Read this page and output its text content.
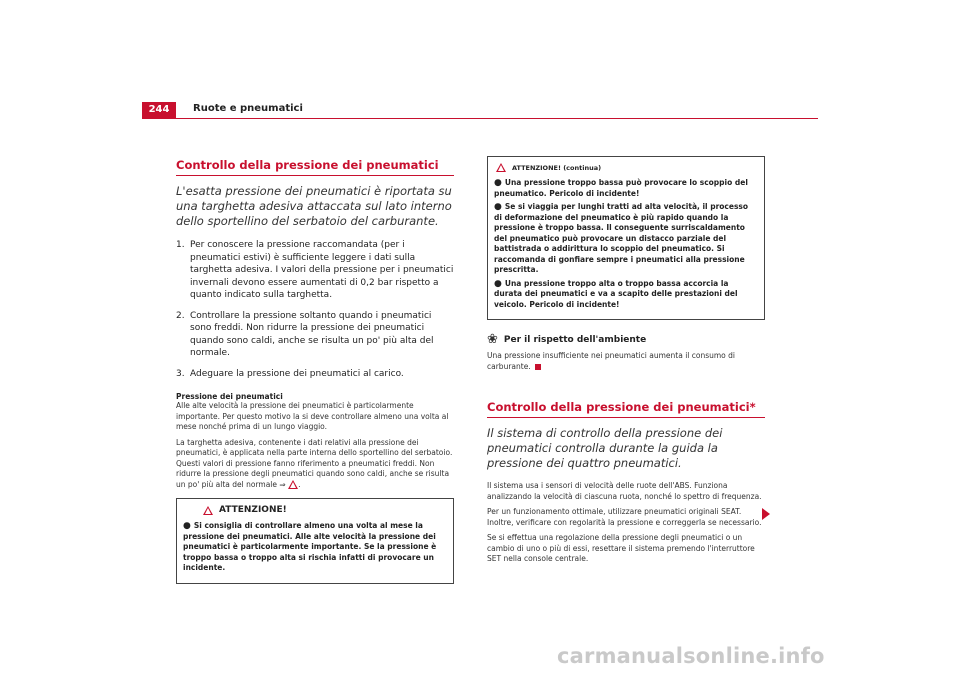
244	Ruote e pneumatici
Controllo della pressione dei pneumatici
L'esatta pressione dei pneumatici è riportata su una targhetta adesiva attaccata sul lato interno dello sportellino del serbatoio del carburante.
1. Per conoscere la pressione raccomandata (per i pneumatici estivi) è sufficiente leggere i dati sulla targhetta adesiva. I valori della pressione per i pneumatici invernali devono essere aumentati di 0,2 bar rispetto a quanto indicato sulla targhetta.
2. Controllare la pressione soltanto quando i pneumatici sono freddi. Non ridurre la pressione dei pneumatici quando sono caldi, anche se risulta un po' più alta del normale.
3. Adeguare la pressione dei pneumatici al carico.
Pressione dei pneumatici

Alle alte velocità la pressione dei pneumatici è particolarmente importante. Per questo motivo la si deve controllare almeno una volta al mese nonché prima di un lungo viaggio.

La targhetta adesiva, contenente i dati relativi alla pressione dei pneumatici, è applicata nella parte interna dello sportellino del serbatoio. Questi valori di pressione fanno riferimento a pneumatici freddi. Non ridurre la pressione degli pneumatici quando sono caldi, anche se risulta un po' più alta del normale ⇒ .

ATTENZIONE!
● Si consiglia di controllare almeno una volta al mese la pressione dei pneumatici. Alle alte velocità la pressione dei pneumatici è particolarmente importante. Se la pressione è troppo bassa o troppo alta si rischia infatti di provocare un incidente.
ATTENZIONE! (continua)
● Una pressione troppo bassa può provocare lo scoppio del pneumatico. Pericolo di incidente!
● Se si viaggia per lunghi tratti ad alta velocità, il processo di deformazione del pneumatico è più rapido quando la pressione è troppo bassa. Il conseguente surriscaldamento del pneumatico può provocare un distacco parziale del battistrada o addirittura lo scoppio del pneumatico. Si raccomanda di gonfiare sempre i pneumatici alla pressione prescritta.
● Una pressione troppo alta o troppo bassa accorcia la durata dei pneumatici e va a scapito delle prestazioni del veicolo. Pericolo di incidente!
❀ Per il rispetto dell'ambiente

Una pressione insufficiente nei pneumatici aumenta il consumo di carburante.

Controllo della pressione dei pneumatici*
Il sistema di controllo della pressione dei pneumatici controlla durante la guida la pressione dei quattro pneumatici.

Il sistema usa i sensori di velocità delle ruote dell'ABS. Funziona analizzando la velocità di ciascuna ruota, nonché lo spettro di frequenza.

Per un funzionamento ottimale, utilizzare pneumatici originali SEAT. Inoltre, verificare con regolarità la pressione e correggerla se necessario.

Se si effettua una regolazione della pressione degli pneumatici o un cambio di uno o più di essi, resettare il sistema premendo l'interruttore SET nella console centrale.

carmanualsonline.info
